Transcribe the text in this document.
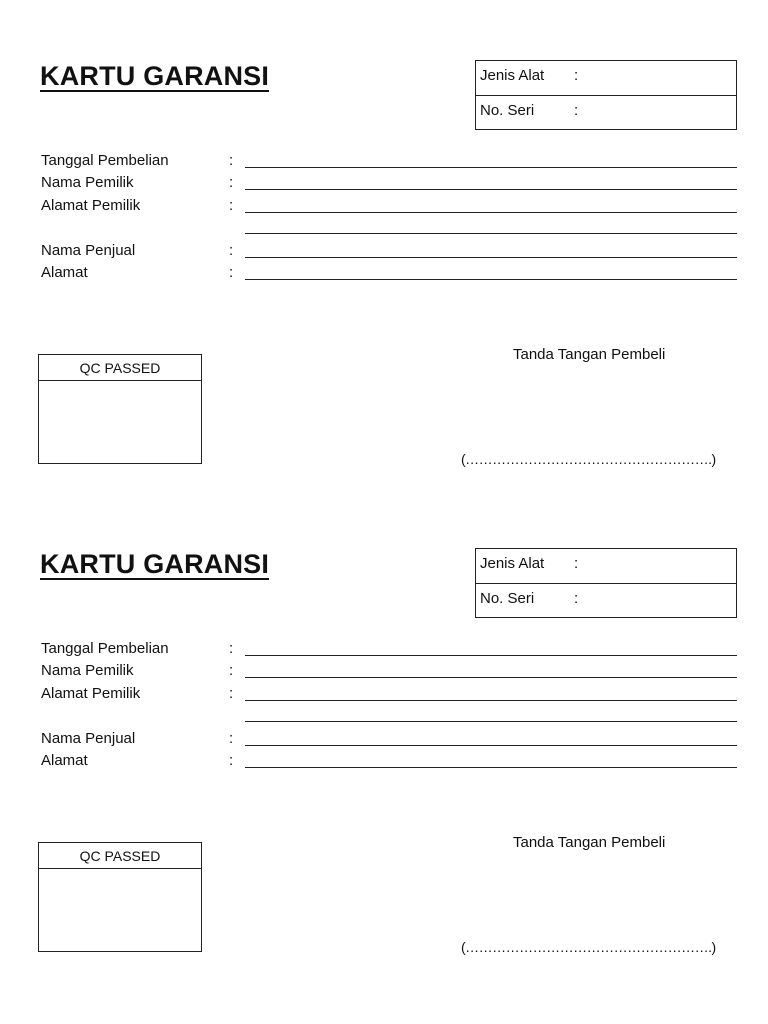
KARTU GARANSI	Jenis Alat :
No. Seri	:
Tanggal Pembelian	:
Nama Pemilik	:
Alamat Pemilik	:
Nama Penjual	:
Alamat	:
QC PASSED
Tanda Tangan Pembeli
(……………………………………………….)
KARTU GARANSI	Jenis Alat :
No. Seri	:
Tanggal Pembelian	:
Nama Pemilik	:
Alamat Pemilik	:
Nama Penjual	:
Alamat	:
QC PASSED
Tanda Tangan Pembeli
(……………………………………………….)
